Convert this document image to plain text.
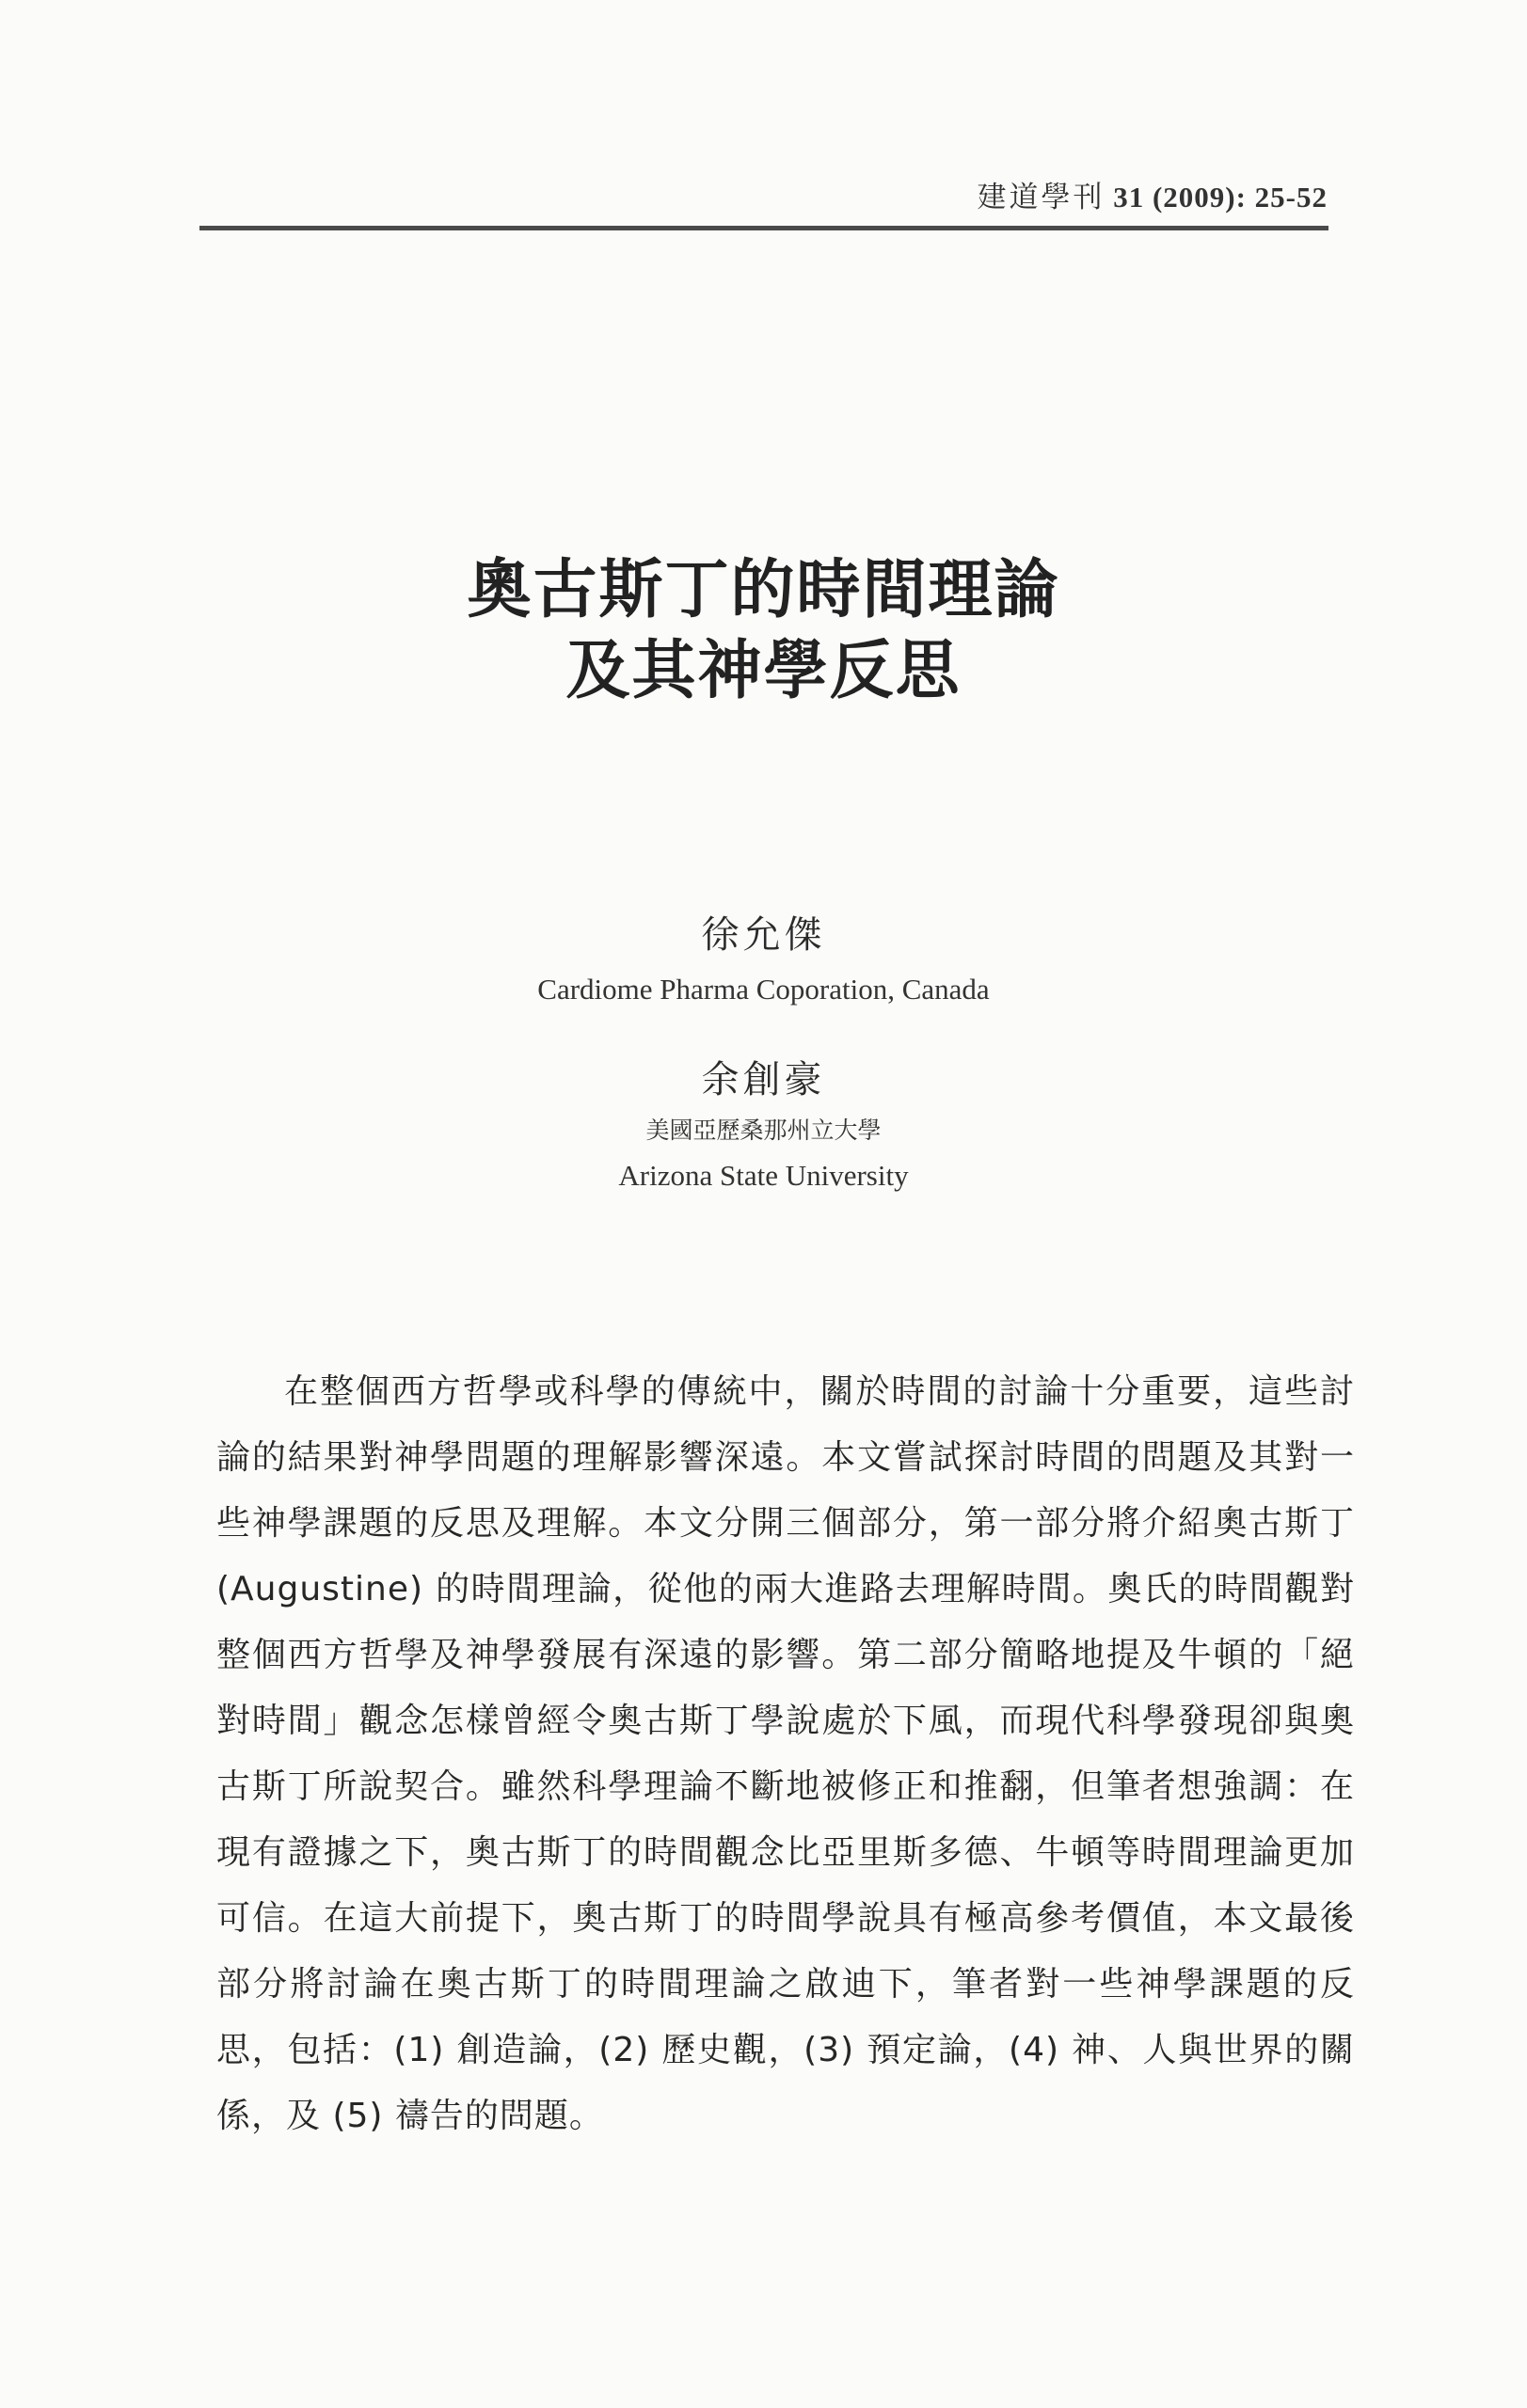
建道學刊 31 (2009): 25-52
奧古斯丁的時間理論
及其神學反思
徐允傑
Cardiome Pharma Coporation, Canada
余創豪
美國亞歷桑那州立大學
Arizona State University
在整個西方哲學或科學的傳統中，關於時間的討論十分重要，這些討論的結果對神學問題的理解影響深遠。本文嘗試探討時間的問題及其對一些神學課題的反思及理解。本文分開三個部分，第一部分將介紹奧古斯丁 (Augustine) 的時間理論，從他的兩大進路去理解時間。奧氏的時間觀對整個西方哲學及神學發展有深遠的影響。第二部分簡略地提及牛頓的「絕對時間」觀念怎樣曾經令奧古斯丁學說處於下風，而現代科學發現卻與奧古斯丁所說契合。雖然科學理論不斷地被修正和推翻，但筆者想強調：在現有證據之下，奧古斯丁的時間觀念比亞里斯多德、牛頓等時間理論更加可信。在這大前提下，奧古斯丁的時間學說具有極高參考價值，本文最後部分將討論在奧古斯丁的時間理論之啟迪下，筆者對一些神學課題的反思，包括：(1) 創造論，(2) 歷史觀，(3) 預定論，(4) 神、人與世界的關係，及 (5) 禱告的問題。
